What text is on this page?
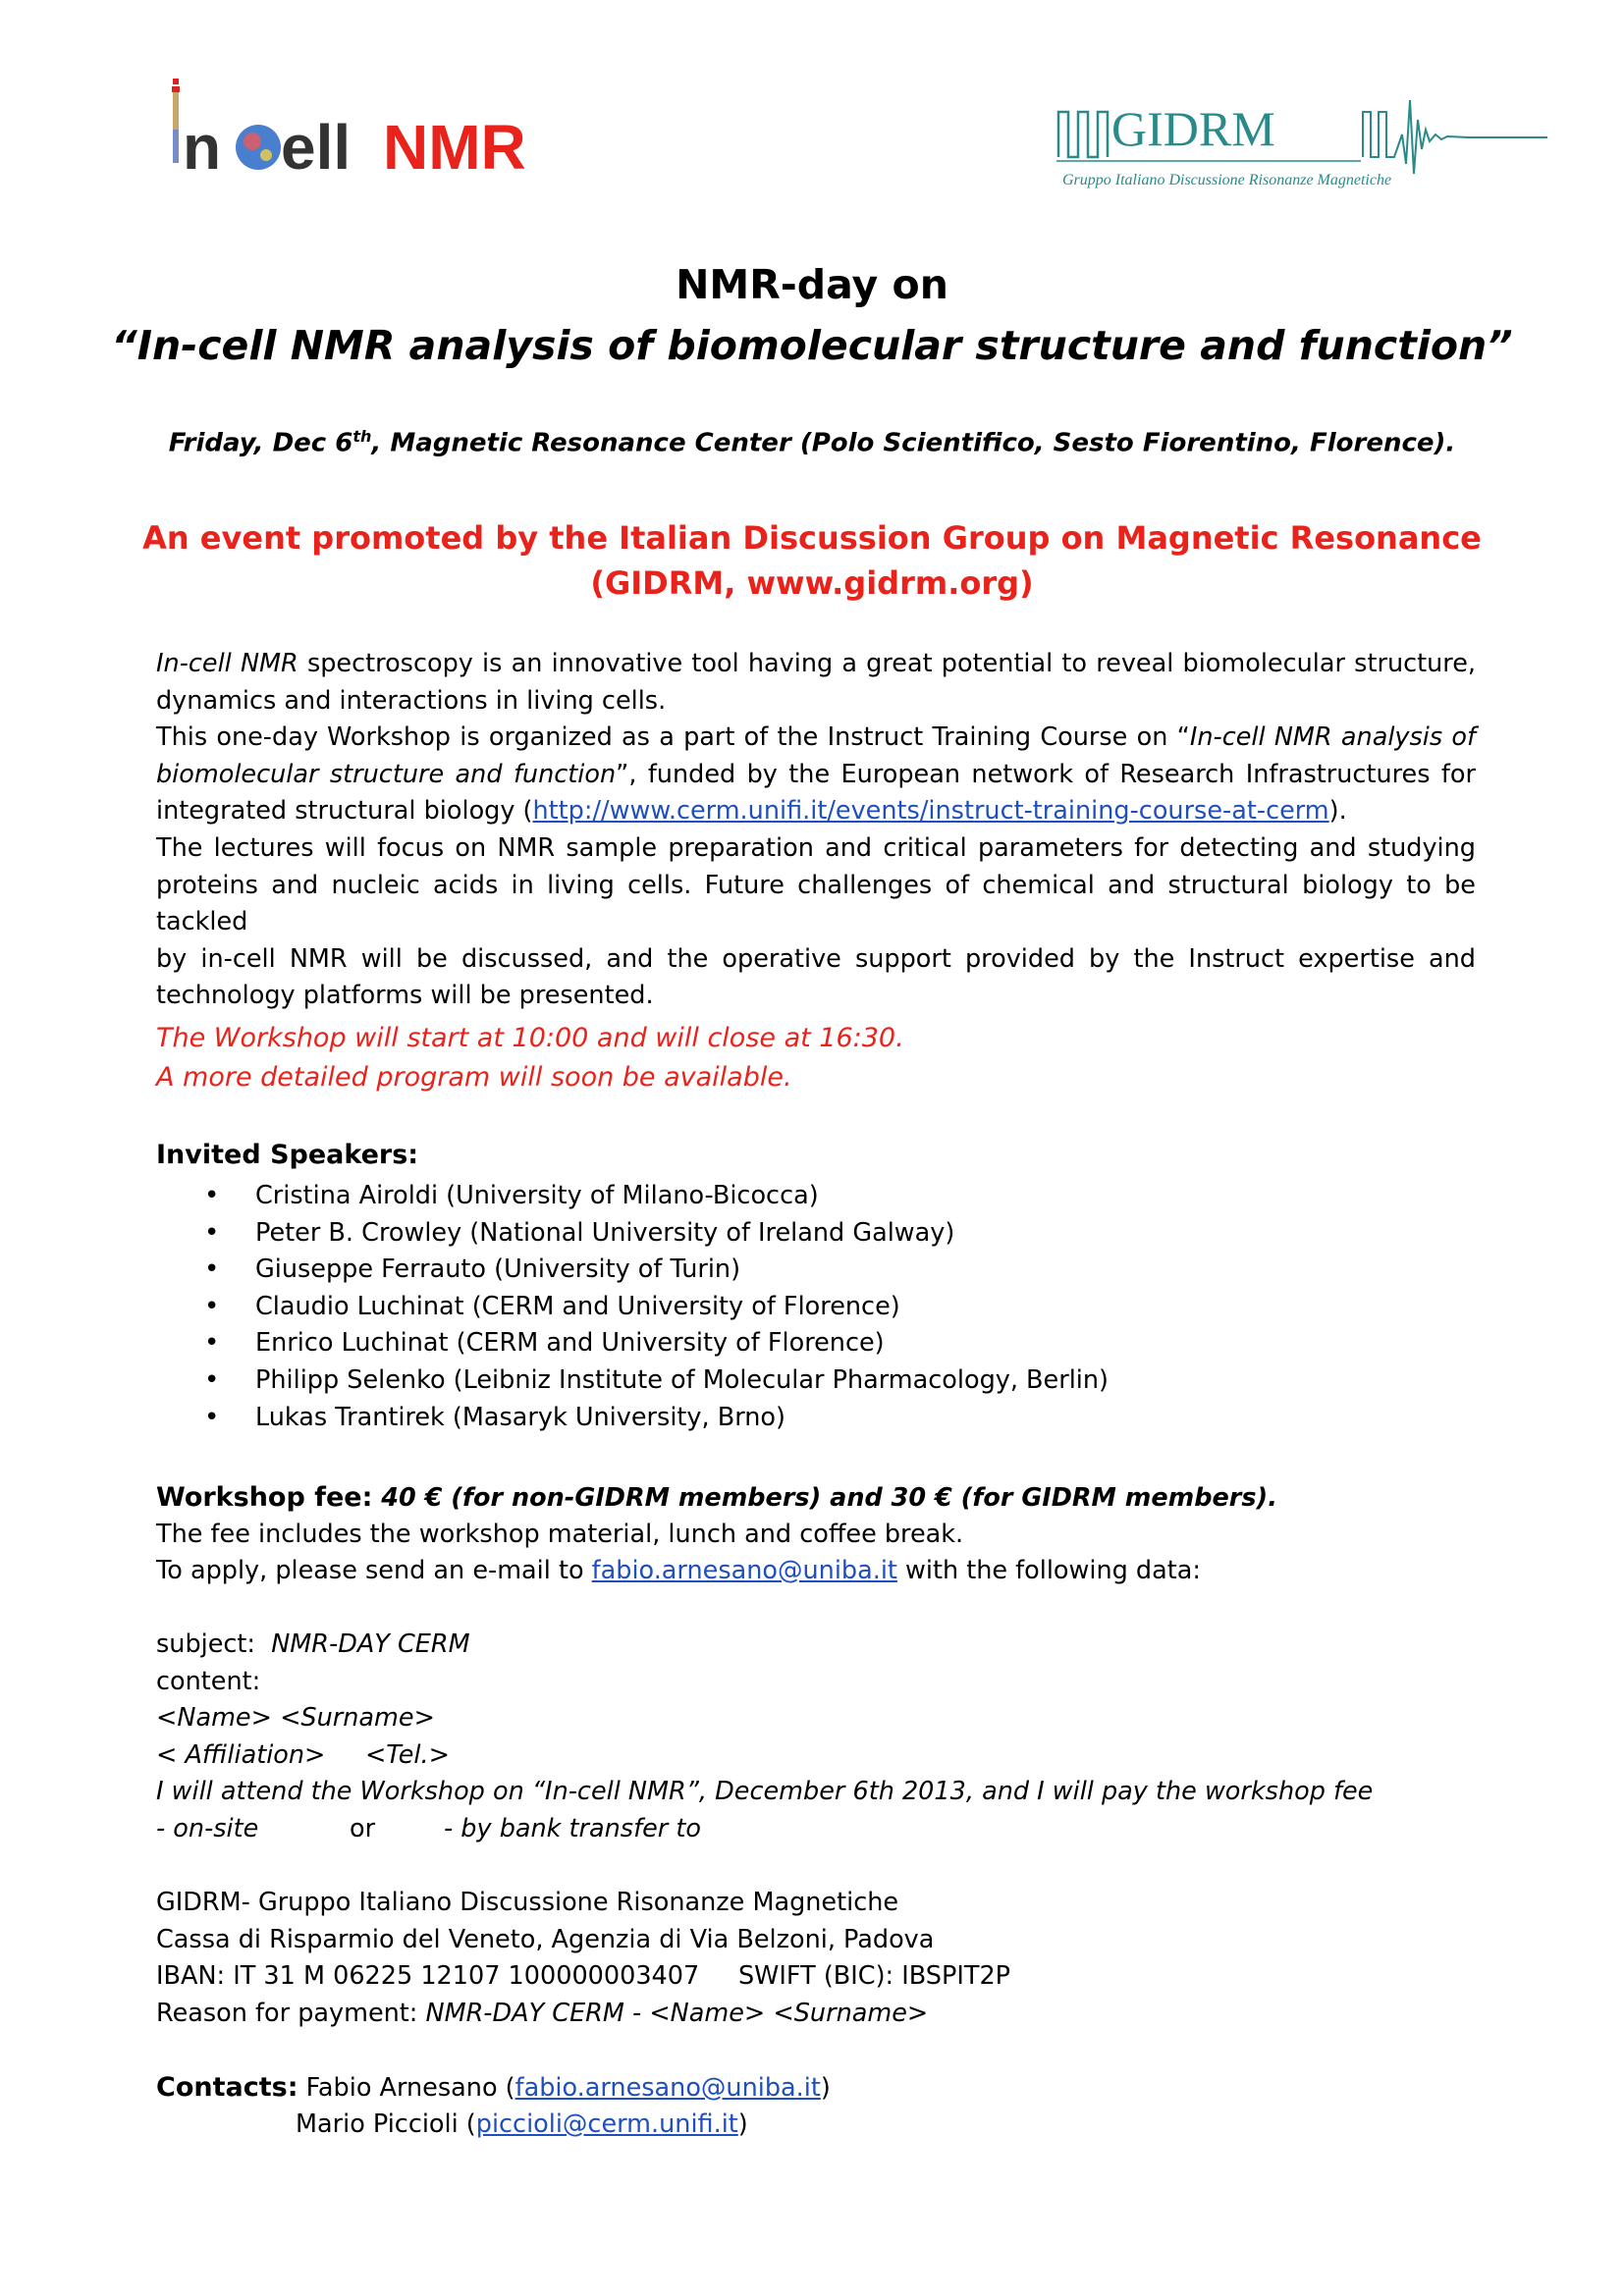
n ell NMR	GIDRM
Gruppo Italiano Discussione Risonanze Magnetiche
NMR-day on
“In-cell NMR analysis of biomolecular structure and function”
Friday, Dec 6th, Magnetic Resonance Center (Polo Scientifico, Sesto Fiorentino, Florence).
An event promoted by the Italian Discussion Group on Magnetic Resonance
(GIDRM, www.gidrm.org)
In-cell NMR spectroscopy is an innovative tool having a great potential to reveal biomolecular structure,
dynamics and interactions in living cells.
This one-day Workshop is organized as a part of the Instruct Training Course on “In-cell NMR analysis of
biomolecular structure and function”, funded by the European network of Research Infrastructures for
integrated structural biology (http://www.cerm.unifi.it/events/instruct-training-course-at-cerm).
The lectures will focus on NMR sample preparation and critical parameters for detecting and studying
proteins and nucleic acids in living cells. Future challenges of chemical and structural biology to be tackled
by in-cell NMR will be discussed, and the operative support provided by the Instruct expertise and
technology platforms will be presented.
The Workshop will start at 10:00 and will close at 16:30.
A more detailed program will soon be available.
Invited Speakers:
• Cristina Airoldi (University of Milano-Bicocca)
• Peter B. Crowley (National University of Ireland Galway)
• Giuseppe Ferrauto (University of Turin)
• Claudio Luchinat (CERM and University of Florence)
• Enrico Luchinat (CERM and University of Florence)
• Philipp Selenko (Leibniz Institute of Molecular Pharmacology, Berlin)
• Lukas Trantirek (Masaryk University, Brno)
Workshop fee: 40 € (for non-GIDRM members) and 30 € (for GIDRM members).
The fee includes the workshop material, lunch and coffee break.
To apply, please send an e-mail to fabio.arnesano@uniba.it with the following data:
subject:  NMR-DAY CERM
content:
<Name> <Surname>
< Affiliation>     <Tel.>
I will attend the Workshop on “In-cell NMR”, December 6th 2013, and I will pay the workshop fee
- on-site	or	- by bank transfer to
GIDRM- Gruppo Italiano Discussione Risonanze Magnetiche
Cassa di Risparmio del Veneto, Agenzia di Via Belzoni, Padova
IBAN: IT 31 M 06225 12107 100000003407 SWIFT (BIC): IBSPIT2P
Reason for payment: NMR-DAY CERM - <Name> <Surname>
Contacts: Fabio Arnesano (fabio.arnesano@uniba.it)
Mario Piccioli (piccioli@cerm.unifi.it)
